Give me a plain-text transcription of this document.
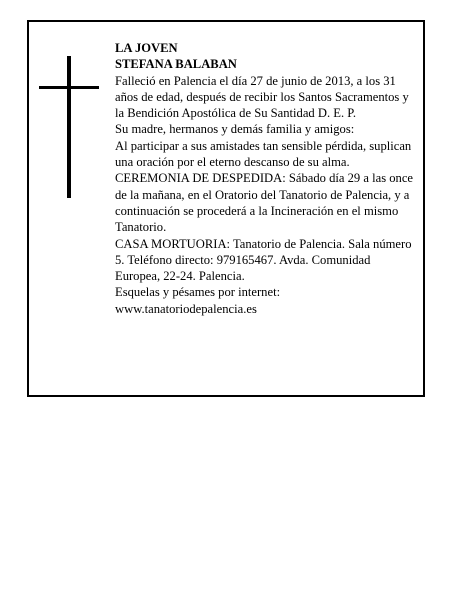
LA JOVEN

STEFANA BALABAN

Falleció en Palencia el día 27 de junio de 2013, a los 31 años de edad, después de recibir los Santos Sacramentos y la Bendición Apostólica de Su Santidad D. E. P.

Su madre, hermanos y demás familia y amigos:

Al participar a sus amistades tan sensible pérdida, suplican una oración por el eterno descanso de su alma.

CEREMONIA DE DESPEDIDA: Sábado día 29 a las once de la mañana, en el Oratorio del Tanatorio de Palencia, y a continuación se procederá a la Incineración en el mismo Tanatorio.

CASA MORTUORIA: Tanatorio de Palencia. Sala número 5. Teléfono directo: 979165467. Avda. Comunidad Europea, 22-24. Palencia.

Esquelas y pésames por internet:

www.tanatoriodepalencia.es
